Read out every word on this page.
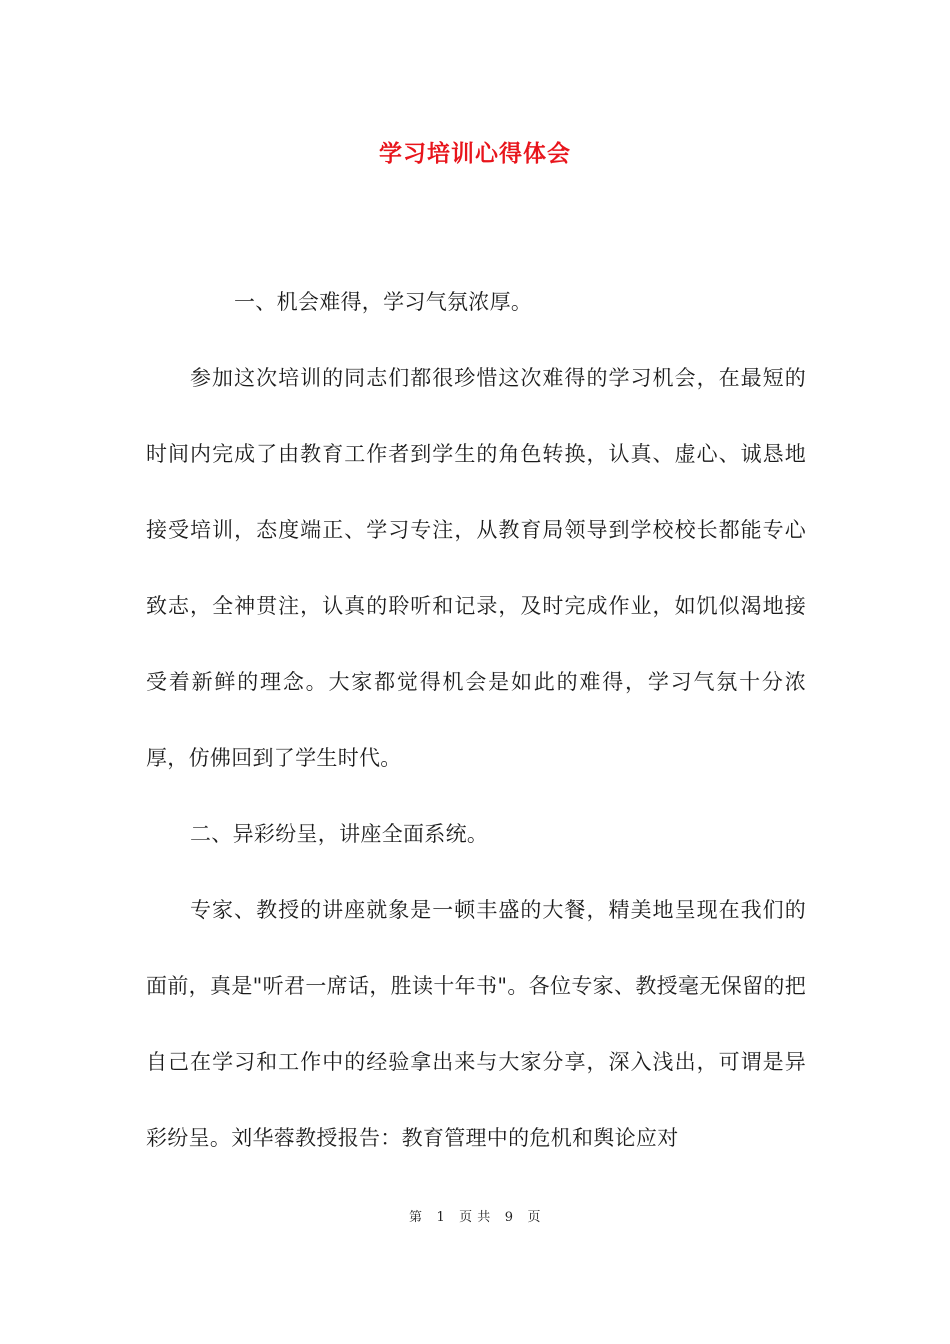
学习培训心得体会

一、机会难得，学习气氛浓厚。

参加这次培训的同志们都很珍惜这次难得的学习机会，在最短的时间内完成了由教育工作者到学生的角色转换，认真、虚心、诚恳地接受培训，态度端正、学习专注，从教育局领导到学校校长都能专心致志，全神贯注，认真的聆听和记录，及时完成作业，如饥似渴地接受着新鲜的理念。大家都觉得机会是如此的难得，学习气氛十分浓厚，仿佛回到了学生时代。

二、异彩纷呈，讲座全面系统。

专家、教授的讲座就象是一顿丰盛的大餐，精美地呈现在我们的面前，真是"听君一席话，胜读十年书"。各位专家、教授毫无保留的把自己在学习和工作中的经验拿出来与大家分享，深入浅出，可谓是异彩纷呈。刘华蓉教授报告：教育管理中的危机和舆论应对

第 1 页 共 9 页
